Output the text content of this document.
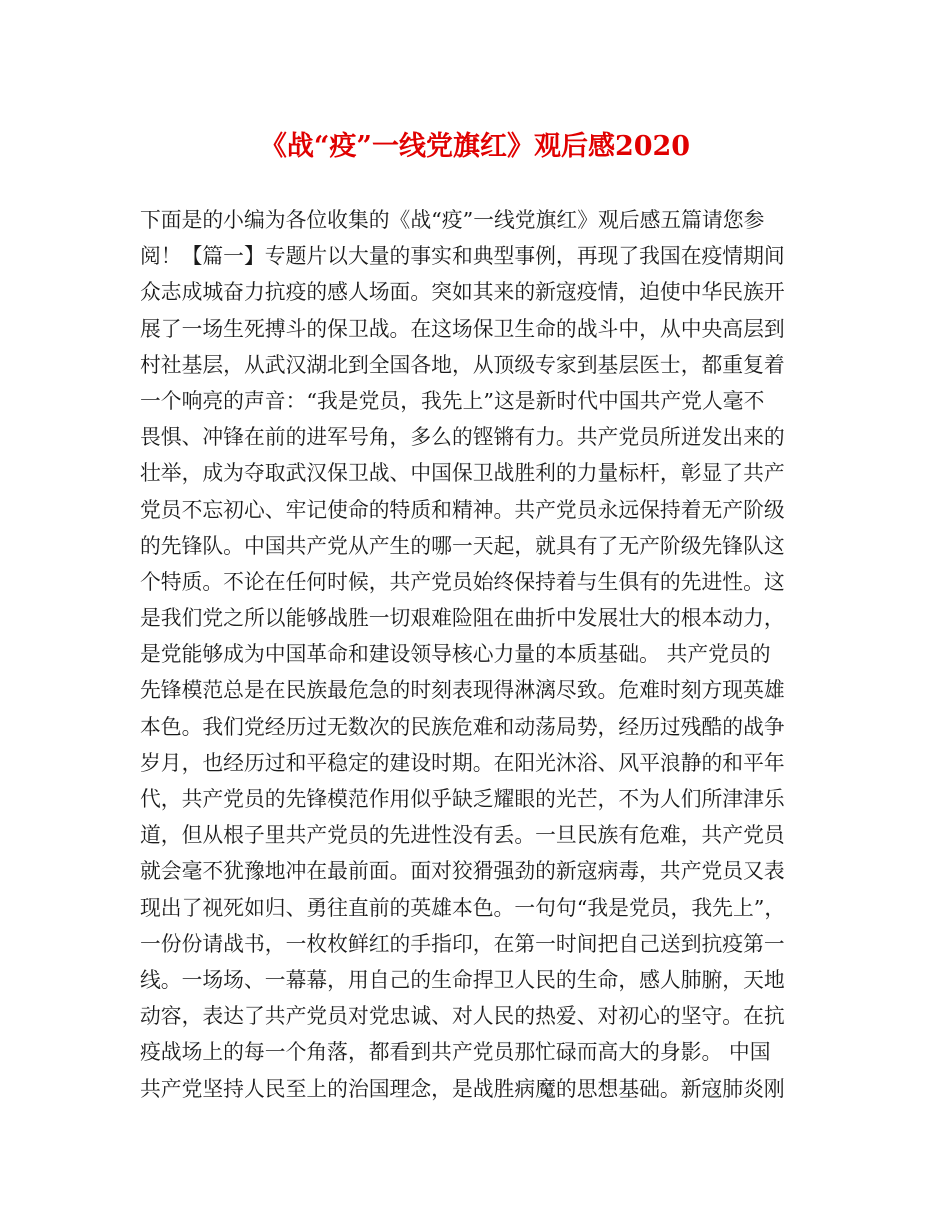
《战“疫”一线党旗红》观后感2020
下面是的小编为各位收集的《战“疫”一线党旗红》观后感五篇请您参
阅！【篇一】专题片以大量的事实和典型事例，再现了我国在疫情期间
众志成城奋力抗疫的感人场面。突如其来的新寇疫情，迫使中华民族开
展了一场生死搏斗的保卫战。在这场保卫生命的战斗中，从中央高层到
村社基层，从武汉湖北到全国各地，从顶级专家到基层医士，都重复着
一个响亮的声音：“我是党员，我先上”这是新时代中国共产党人毫不
畏惧、冲锋在前的进军号角，多么的铿锵有力。共产党员所迸发出来的
壮举，成为夺取武汉保卫战、中国保卫战胜利的力量标杆，彰显了共产
党员不忘初心、牢记使命的特质和精神。共产党员永远保持着无产阶级
的先锋队。中国共产党从产生的哪一天起，就具有了无产阶级先锋队这
个特质。不论在任何时候，共产党员始终保持着与生俱有的先进性。这
是我们党之所以能够战胜一切艰难险阻在曲折中发展壮大的根本动力，
是党能够成为中国革命和建设领导核心力量的本质基础。 共产党员的
先锋模范总是在民族最危急的时刻表现得淋漓尽致。危难时刻方现英雄
本色。我们党经历过无数次的民族危难和动荡局势，经历过残酷的战争
岁月，也经历过和平稳定的建设时期。在阳光沐浴、风平浪静的和平年
代，共产党员的先锋模范作用似乎缺乏耀眼的光芒，不为人们所津津乐
道，但从根子里共产党员的先进性没有丢。一旦民族有危难，共产党员
就会毫不犹豫地冲在最前面。面对狡猾强劲的新寇病毒，共产党员又表
现出了视死如归、勇往直前的英雄本色。一句句“我是党员，我先上”，
一份份请战书，一枚枚鲜红的手指印，在第一时间把自己送到抗疫第一
线。一场场、一幕幕，用自己的生命捍卫人民的生命，感人肺腑，天地
动容，表达了共产党员对党忠诚、对人民的热爱、对初心的坚守。在抗
疫战场上的每一个角落，都看到共产党员那忙碌而高大的身影。 中国
共产党坚持人民至上的治国理念，是战胜病魔的思想基础。新寇肺炎刚
